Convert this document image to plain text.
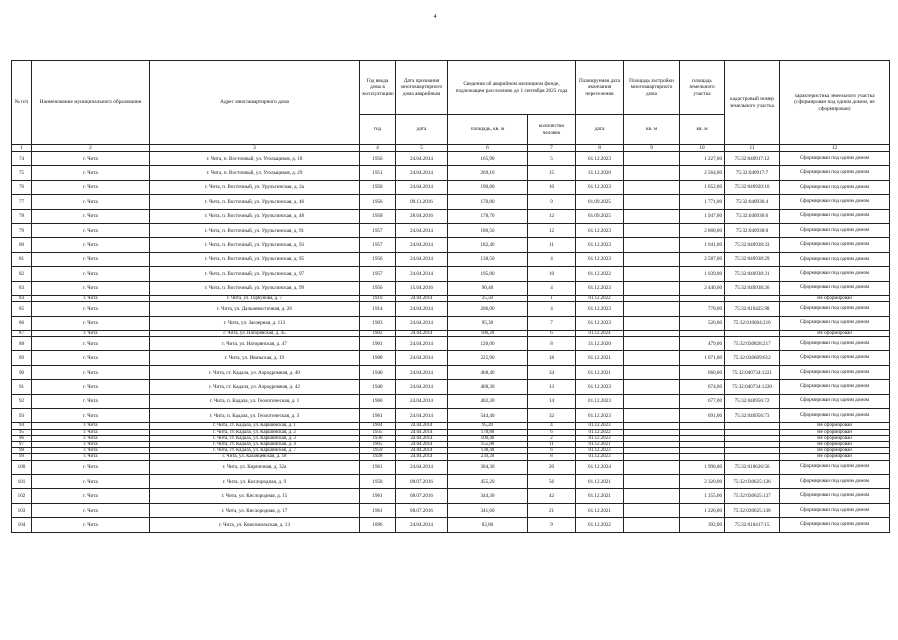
4
№ п/п	Наименование муниципального образования	Адрес многоквартирного дома	Год ввода дома в эксплуатацию	Дата признания многоквартирного дома аварийным	Сведения об аварийном жилищном фонде, подлежащем расселению до 1 сентября 2025 года		Планируемая дата окончания переселения	Площадь застройки многоквартирного дома	площадь земельного участка	кадастровый номер земельного участка	характеристика земельного участка (сформирован под одним домом, не сформирован)
			год	дата	площадь, кв. м	количество человек	дата	кв. м	кв. м		
1	2	3	4	5	6	7	8	9	10	11	12
74	г. Чита	г. Чита, п. Восточный, ул. Угольщиков, д. 18	1956	24.04.2014	165,90	5	01.12.2023		1 227,00	75:32:040917:12	Сформирован под одним домом
75	г. Чита	г. Чита, п. Восточный, ул. Угольщиков, д. 29	1951	24.04.2014	269,10	15	31.12.2020		2 564,00	75:32:040917:7	Сформирован под одним домом
76	г. Чита	г. Чита, п. Восточный, ул. Урульгинская, д. 2а	1958	24.04.2014	190,80	10	01.12.2023		1 652,00	75:32:040920:10	Сформирован под одним домом
77	г. Чита	г. Чита, п. Восточный, ул. Урульгинская, д. 46	1956	09.11.2016	170,80	9	01.09.2025		1 771,00	75:32:040936:4	Сформирован под одним домом
78	г. Чита	г. Чита, п. Восточный, ул. Урульгинская, д. 48	1958	28.04.2016	178,70	12	01.09.2025		1 947,00	75:32:040936:6	Сформирован под одним домом
79	г. Чита	г. Чита, п. Восточный, ул. Урульгинская, д. 91	1957	24.04.2014	180,50	12	01.12.2023		2 868,00	75:32:040938:8	Сформирован под одним домом
80	г. Чита	г. Чита, п. Восточный, ул. Урульгинская, д. 93	1957	24.04.2014	182,40	11	01.12.2023		1 041,00	75:32:040938:33	Сформирован под одним домом
81	г. Чита	г. Чита, п. Восточный, ул. Урульгинская, д. 95	1956	24.04.2014	138,50	4	01.12.2023		2 587,00	75:32:040938:29	Сформирован под одним домом
82	г. Чита	г. Чита, п. Восточный, ул. Урульгинская, д. 97	1957	24.04.2014	195,80	10	01.12.2022		1 039,00	75:32:040938:31	Сформирован под одним домом
83	г. Чита	г. Чита, п. Восточный, ул. Урульгинская, д. 99	1956	15.04.2016	90,40	4	01.12.2023		2 440,00	75:32:040938:26	Сформирован под одним домом
84	г. Чита	г. Чита, ул. Горбунова, д. 7	1910	24.04.2014	25,50	1	01.12.2022				Не сформирован
85	г. Чита	г. Чита, ул. Дальневосточная, д. 26	1914	24.04.2014	206,00	4	01.12.2023		778,00	75:32:010425:98	Сформирован под одним домом
86	г. Чита	г. Чита, ул. Заозерная, д. 113	1903	24.04.2014	95,30	7	01.12.2023		526,00	75:32:010604:216	Сформирован под одним домом
87	г. Чита	г. Чита, ул. Нагорянская, д. 45	1902	24.04.2014	180,20	6	01.12.2024				Не сформирован
88	г. Чита	г. Чита, ул. Нагорянская, д. 47	1901	24.04.2014	120,00	8	31.12.2020		479,00	75:32:030828:217	Сформирован под одним домом
89	г. Чита	г. Чита, ул. Июньская, д. 19	1908	24.04.2014	225,90	18	01.12.2021		1 071,00	75:32:030609:612	Сформирован под одним домом
90	г. Чита	г. Чита, ст. Кадала, ул. Аэродромная, д. 40	1940	24.04.2014	468,40	34	01.12.2021		660,00	75:32:040734:1221	Сформирован под одним домом
91	г. Чита	г. Чита, ст. Кадала, ул. Аэродромная, д. 42	1940	24.04.2014	468,30	13	01.12.2023		674,00	75:32:040734:1220	Сформирован под одним домом
92	г. Чита	г. Чита, п. Кадала, ул. Геологическая, д. 1	1960	24.04.2014	402,30	14	01.12.2023		677,00	75:32:040956:72	Сформирован под одним домом
93	г. Чита	г. Чита, п. Кадала, ул. Геологическая, д. 3	1961	24.04.2014	544,40	32	01.12.2023		691,00	75:32:040956:73	Сформирован под одним домом
94	г. Чита	г. Чита, ст. Кадала, ул. Каршинская, д. 1	1904	24.04.2014	95,20	4	01.12.2023				Не сформирован
95	г. Чита	г. Чита, ст. Кадала, ул. Каршинская, д. 2	1935	24.04.2014	178,80	6	01.12.2022				Не сформирован
96	г. Чита	г. Чита, ст. Кадала, ул. Каршинская, д. 3	1936	24.04.2014	100,40	2	01.12.2023				Не сформирован
97	г. Чита	г. Чита, ст. Кадала, ул. Каршинская, д. 4	1905	24.04.2014	155,80	11	01.12.2021				Не сформирован
98	г. Чита	г. Чита, ст. Кадала, ул. Каршинская, д. 7	1959	24.04.2014	138,40	6	01.12.2023				Не сформирован
99	г. Чита	г. Чита, ул. Казанцевская, д. 18	1928	24.04.2014	239,20	8	01.12.2023				Не сформирован
100	г. Чита	г. Чита, ул. Кирпичная, д. 32а	1961	24.04.2014	304,30	20	01.12.2024		1 998,00	75:32:010626:56	Сформирован под одним домом
101	г. Чита	г. Чита, ул. Кислородная, д. 9	1958	08.07.2016	455,20	56	01.12.2021		2 320,00	75:32:030625:126	Сформирован под одним домом
102	г. Чита	г. Чита, ул. Кислородная, д. 15	1961	08.07.2016	344,30	42	01.12.2021		1 355,00	75:32:030625:137	Сформирован под одним домом
103	г. Чита	г. Чита, ул. Кислородная, д. 17	1961	08.07.2016	341,60	21	01.12.2021		1 226,00	75:32:030625:138	Сформирован под одним домом
104	г. Чита	г. Чита, ул. Комсомольская, д. 13	1896	24.04.2014	82,80	9	01.12.2022		392,00	75:32:010417:15	Сформирован под одним домом
